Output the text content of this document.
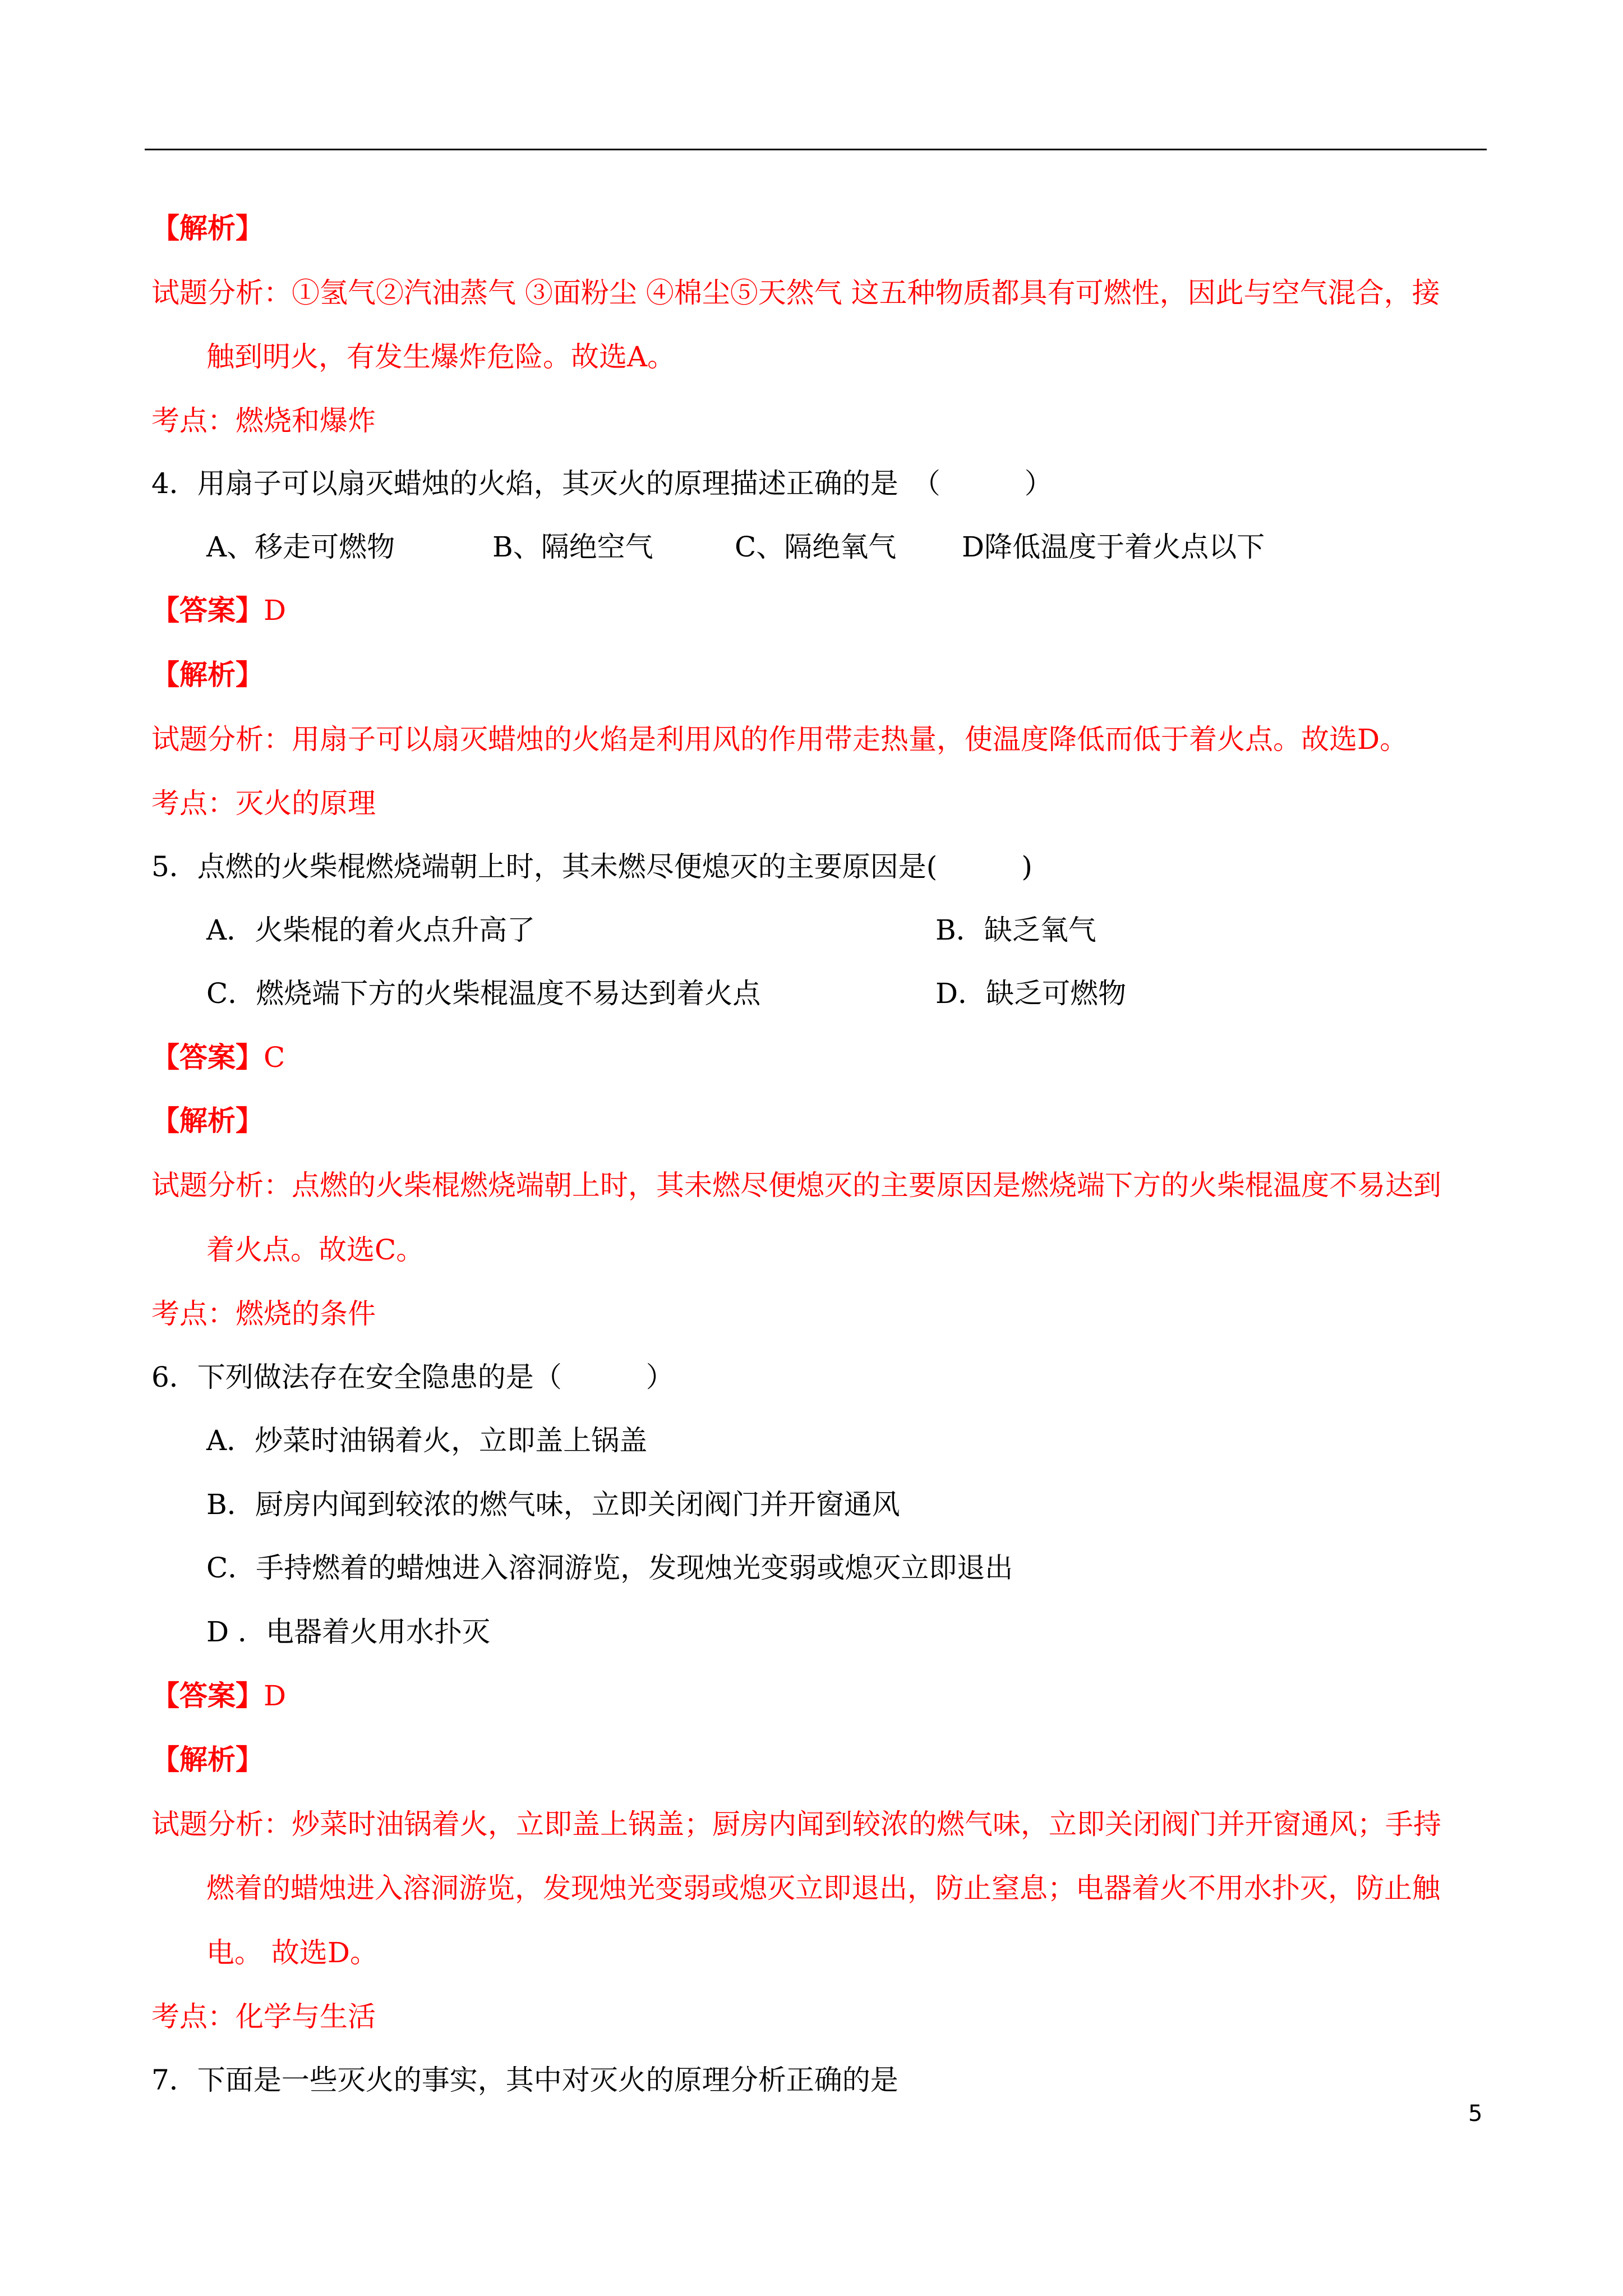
【解析】
试题分析：①氢气②汽油蒸气 ③面粉尘 ④棉尘⑤天然气 这五种物质都具有可燃性，因此与空气混合，接
触到明火，有发生爆炸危险。故选A。
考点：燃烧和爆炸
4．用扇子可以扇灭蜡烛的火焰，其灭火的原理描述正确的是　（　　　）
A、移走可燃物	B、隔绝空气	C、隔绝氧气 D降低温度于着火点以下
【答案】D
【解析】
试题分析：用扇子可以扇灭蜡烛的火焰是利用风的作用带走热量，使温度降低而低于着火点。故选D。
考点：灭火的原理
5．点燃的火柴棍燃烧端朝上时，其未燃尽便熄灭的主要原因是(　　　)
A．火柴棍的着火点升高了	B．缺乏氧气
C．燃烧端下方的火柴棍温度不易达到着火点	D．缺乏可燃物
【答案】C
【解析】
试题分析：点燃的火柴棍燃烧端朝上时，其未燃尽便熄灭的主要原因是燃烧端下方的火柴棍温度不易达到
着火点。故选C。
考点：燃烧的条件
6．下列做法存在安全隐患的是（　　　）
A．炒菜时油锅着火，立即盖上锅盖
B．厨房内闻到较浓的燃气味，立即关闭阀门并开窗通风
C．手持燃着的蜡烛进入溶洞游览，发现烛光变弱或熄灭立即退出
D ．电器着火用水扑灭
【答案】D
【解析】
试题分析：炒菜时油锅着火，立即盖上锅盖；厨房内闻到较浓的燃气味，立即关闭阀门并开窗通风；手持
燃着的蜡烛进入溶洞游览，发现烛光变弱或熄灭立即退出，防止窒息；电器着火不用水扑灭，防止触
电。 故选D。
考点：化学与生活
7．下面是一些灭火的事实，其中对灭火的原理分析正确的是
5
